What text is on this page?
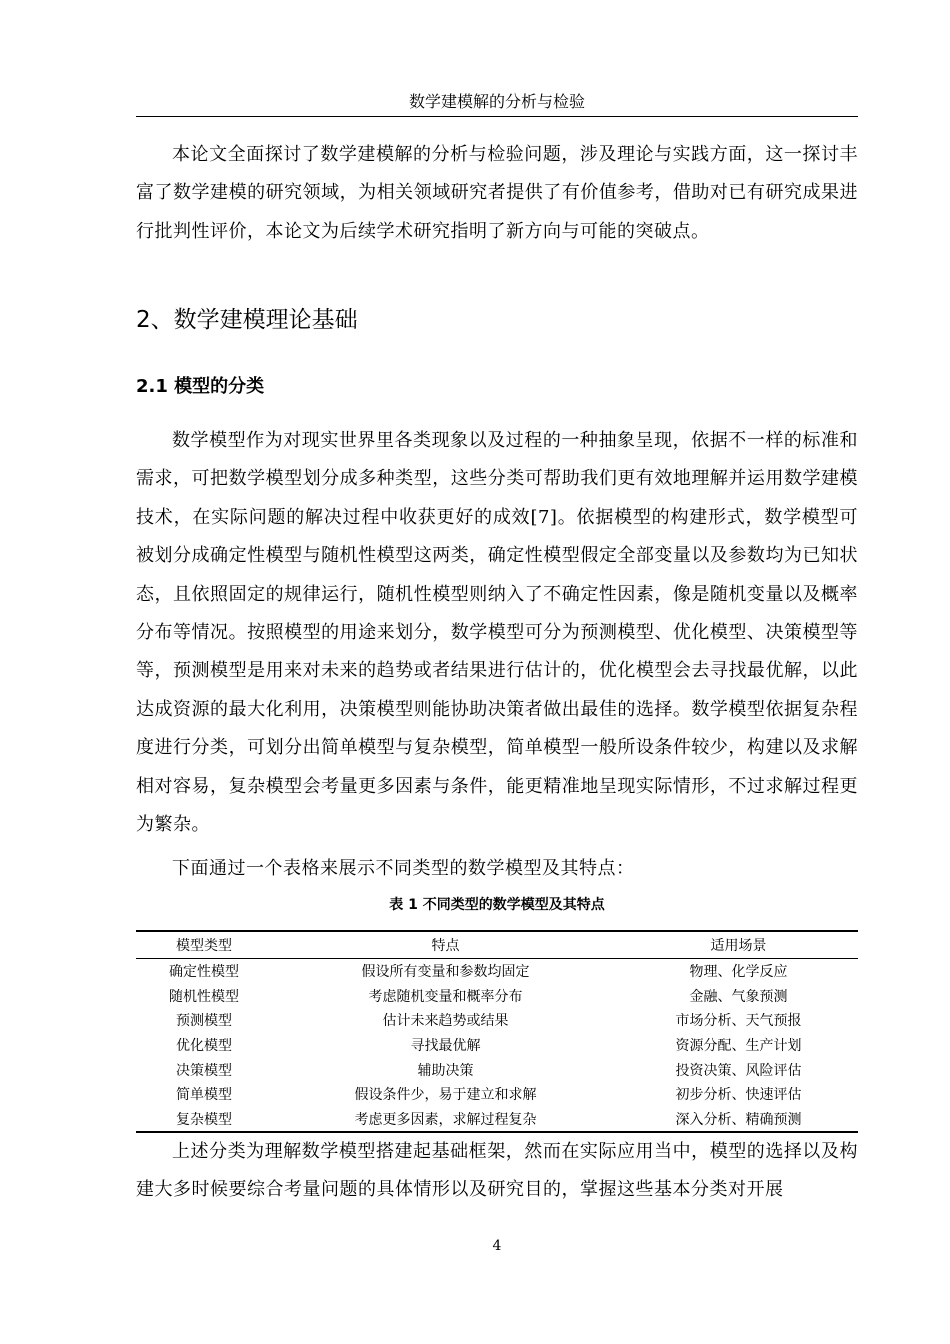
数学建模解的分析与检验

本论文全面探讨了数学建模解的分析与检验问题，涉及理论与实践方面，这一探讨丰富了数学建模的研究领域，为相关领域研究者提供了有价值参考，借助对已有研究成果进行批判性评价，本论文为后续学术研究指明了新方向与可能的突破点。

2、数学建模理论基础
2.1 模型的分类

数学模型作为对现实世界里各类现象以及过程的一种抽象呈现，依据不一样的标准和需求，可把数学模型划分成多种类型，这些分类可帮助我们更有效地理解并运用数学建模技术，在实际问题的解决过程中收获更好的成效[7]。依据模型的构建形式，数学模型可被划分成确定性模型与随机性模型这两类，确定性模型假定全部变量以及参数均为已知状态，且依照固定的规律运行，随机性模型则纳入了不确定性因素，像是随机变量以及概率分布等情况。按照模型的用途来划分，数学模型可分为预测模型、优化模型、决策模型等等，预测模型是用来对未来的趋势或者结果进行估计的，优化模型会去寻找最优解，以此达成资源的最大化利用，决策模型则能协助决策者做出最佳的选择。数学模型依据复杂程度进行分类，可划分出简单模型与复杂模型，简单模型一般所设条件较少，构建以及求解相对容易，复杂模型会考量更多因素与条件，能更精准地呈现实际情形，不过求解过程更为繁杂。

下面通过一个表格来展示不同类型的数学模型及其特点：

表 1 不同类型的数学模型及其特点
模型类型	特点	适用场景
确定性模型	假设所有变量和参数均固定	物理、化学反应
随机性模型	考虑随机变量和概率分布	金融、气象预测
预测模型	估计未来趋势或结果	市场分析、天气预报
优化模型	寻找最优解	资源分配、生产计划
决策模型	辅助决策	投资决策、风险评估
简单模型	假设条件少，易于建立和求解	初步分析、快速评估
复杂模型	考虑更多因素，求解过程复杂	深入分析、精确预测

上述分类为理解数学模型搭建起基础框架，然而在实际应用当中，模型的选择以及构建大多时候要综合考量问题的具体情形以及研究目的，掌握这些基本分类对开展

4
